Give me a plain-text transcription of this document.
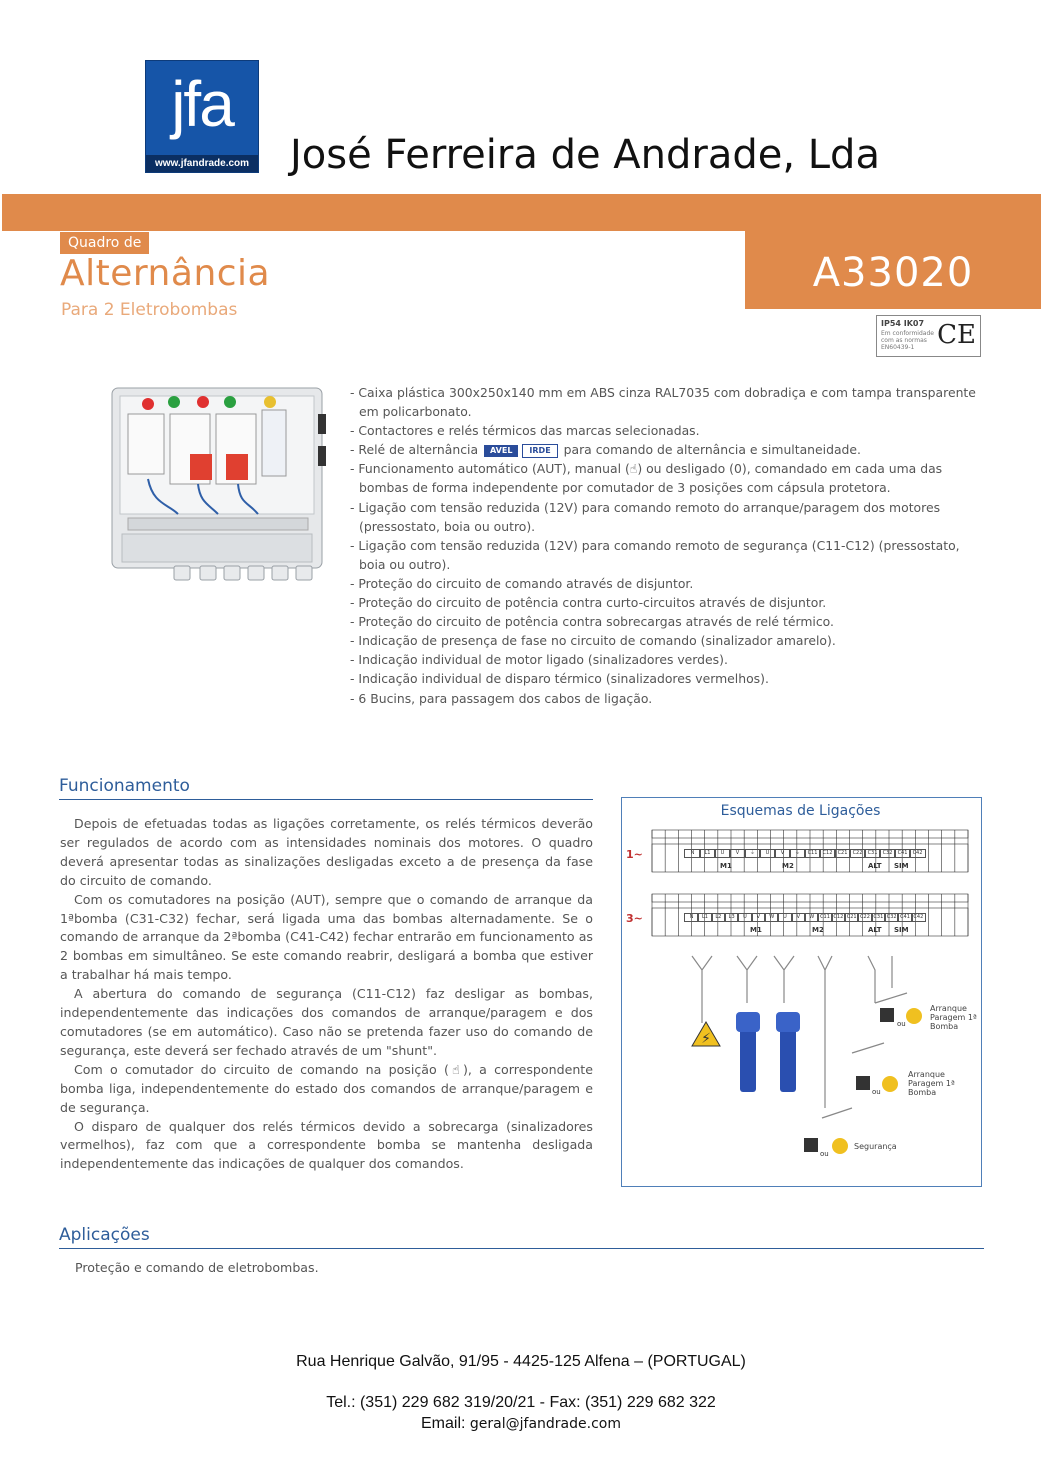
jfa
www.jfandrade.com José Ferreira de Andrade, Lda
Quadro de
Alternância
Para 2 Eletrobombas
A33020
IP54 IK07
Em conformidade com as normas EN60439-1 CE
- Caixa plástica 300x250x140 mm em ABS cinza RAL7035 com dobradiça e com tampa transparente em policarbonato.
- Contactores e relés térmicos das marcas selecionadas.
- Relé de alternância AVEL IRDE para comando de alternância e simultaneidade.
- Funcionamento automático (AUT), manual (☝) ou desligado (0), comandado em cada uma das bombas de forma independente por comutador de 3 posições com cápsula protetora.
- Ligação com tensão reduzida (12V) para comando remoto do arranque/paragem dos motores (pressostato, boia ou outro).
- Ligação com tensão reduzida (12V) para comando remoto de segurança (C11-C12) (pressostato, boia ou outro).
- Proteção do circuito de comando através de disjuntor.
- Proteção do circuito de potência contra curto-circuitos através de disjuntor.
- Proteção do circuito de potência contra sobrecargas através de relé térmico.
- Indicação de presença de fase no circuito de comando (sinalizador amarelo).
- Indicação individual de motor ligado (sinalizadores verdes).
- Indicação individual de disparo térmico (sinalizadores vermelhos).
- 6 Bucins, para passagem dos cabos de ligação.
Funcionamento

Depois de efetuadas todas as ligações corretamente, os relés térmicos deverão ser regulados de acordo com as intensidades nominais dos motores. O quadro deverá apresentar todas as sinalizações desligadas exceto a de presença da fase do circuito de comando.

Com os comutadores na posição (AUT), sempre que o comando de arranque da 1ªbomba (C31-C32) fechar, será ligada uma das bombas alternadamente. Se o comando de arranque da 2ªbomba (C41-C42) fechar entrarão em funcionamento as 2 bombas em simultâneo. Se este comando reabrir, desligará a bomba que estiver a trabalhar há mais tempo.

A abertura do comando de segurança (C11-C12) faz desligar as bombas, independentemente das indicações dos comandos de arranque/paragem e dos comutadores (se em automático). Caso não se pretenda fazer uso do comando de segurança, este deverá ser fechado através de um "shunt".

Com o comutador do circuito de comando na posição (☝), a correspondente bomba liga, independentemente do estado dos comandos de arranque/paragem e de segurança.

O disparo de qualquer dos relés térmicos devido a sobrecarga (sinalizadores vermelhos), faz com que a correspondente bomba se mantenha desligada independentemente das indicações de qualquer dos comandos.

⚡
1~
3~
M1	M2	ALT SIM
M1	M2	ALT SIM
ou
ou
ou
Arranque Paragem 1ª Bomba
Arranque Paragem 1ª Bomba
Segurança
N	L1	U	V	⏚	U	V	⏚	C11	C12	C21	C22	C31	C32	C41	C42
N	L1	L2	L3	U	V	W	U	V	W	C11 C12 C21 C22 C31 C32 C41 C42
Esquemas de Ligações
Aplicações
Proteção e comando de eletrobombas.
Rua Henrique Galvão, 91/95 - 4425-125 Alfena – (PORTUGAL)
Tel.: (351) 229 682 319/20/21 - Fax: (351) 229 682 322
Email: geral@jfandrade.com
